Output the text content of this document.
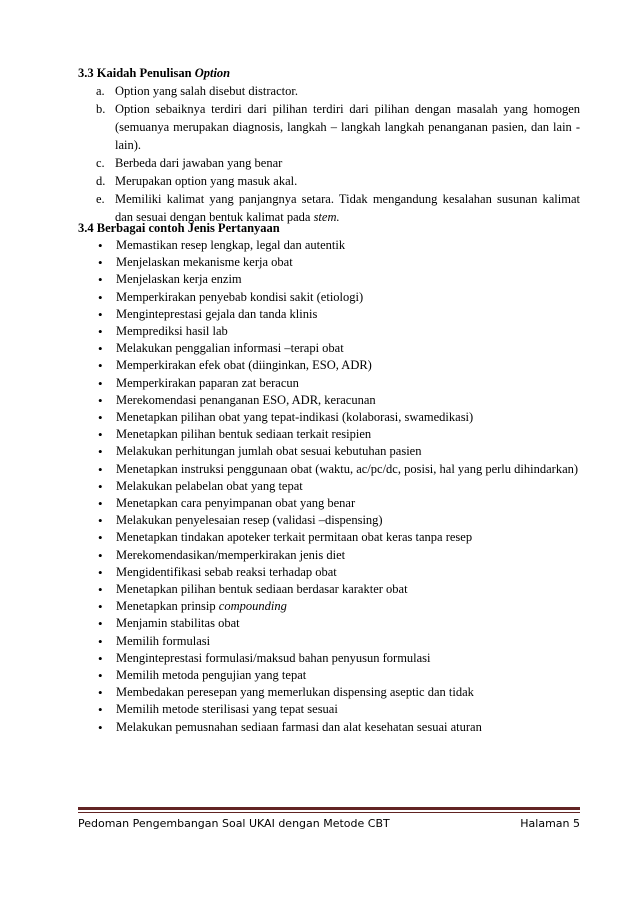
3.3 Kaidah Penulisan Option
a. Option yang salah disebut distractor.
b. Option sebaiknya terdiri dari pilihan terdiri dari pilihan dengan masalah yang homogen (semuanya merupakan diagnosis, langkah – langkah langkah penanganan pasien, dan lain - lain).
c. Berbeda dari jawaban yang benar
d. Merupakan option yang masuk akal.
e. Memiliki kalimat yang panjangnya setara. Tidak mengandung kesalahan susunan kalimat dan sesuai dengan bentuk kalimat pada stem.
3.4 Berbagai contoh Jenis Pertanyaan
• Memastikan resep lengkap, legal dan autentik
• Menjelaskan mekanisme kerja obat
• Menjelaskan kerja enzim
• Memperkirakan penyebab kondisi sakit (etiologi)
• Menginteprestasi gejala dan tanda klinis
• Memprediksi hasil lab
• Melakukan penggalian informasi –terapi obat
• Memperkirakan efek obat (diinginkan, ESO, ADR)
• Memperkirakan paparan zat beracun
• Merekomendasi penanganan ESO, ADR, keracunan
• Menetapkan pilihan obat yang tepat-indikasi (kolaborasi, swamedikasi)
• Menetapkan pilihan bentuk sediaan terkait resipien
• Melakukan perhitungan jumlah obat sesuai kebutuhan pasien
• Menetapkan instruksi penggunaan obat (waktu, ac/pc/dc, posisi, hal yang perlu dihindarkan)
• Melakukan pelabelan obat yang tepat
• Menetapkan cara penyimpanan obat yang benar
• Melakukan penyelesaian resep (validasi –dispensing)
• Menetapkan tindakan apoteker terkait permitaan obat keras tanpa resep
• Merekomendasikan/memperkirakan jenis diet
• Mengidentifikasi sebab reaksi terhadap obat
• Menetapkan pilihan bentuk sediaan berdasar karakter obat
• Menetapkan prinsip compounding
• Menjamin stabilitas obat
• Memilih formulasi
• Menginteprestasi formulasi/maksud bahan penyusun formulasi
• Memilih metoda pengujian yang tepat
• Membedakan peresepan yang memerlukan dispensing aseptic dan tidak
• Memilih metode sterilisasi yang tepat sesuai
• Melakukan pemusnahan sediaan farmasi dan alat kesehatan sesuai aturan
Pedoman Pengembangan Soal UKAI dengan Metode CBT	Halaman 5
